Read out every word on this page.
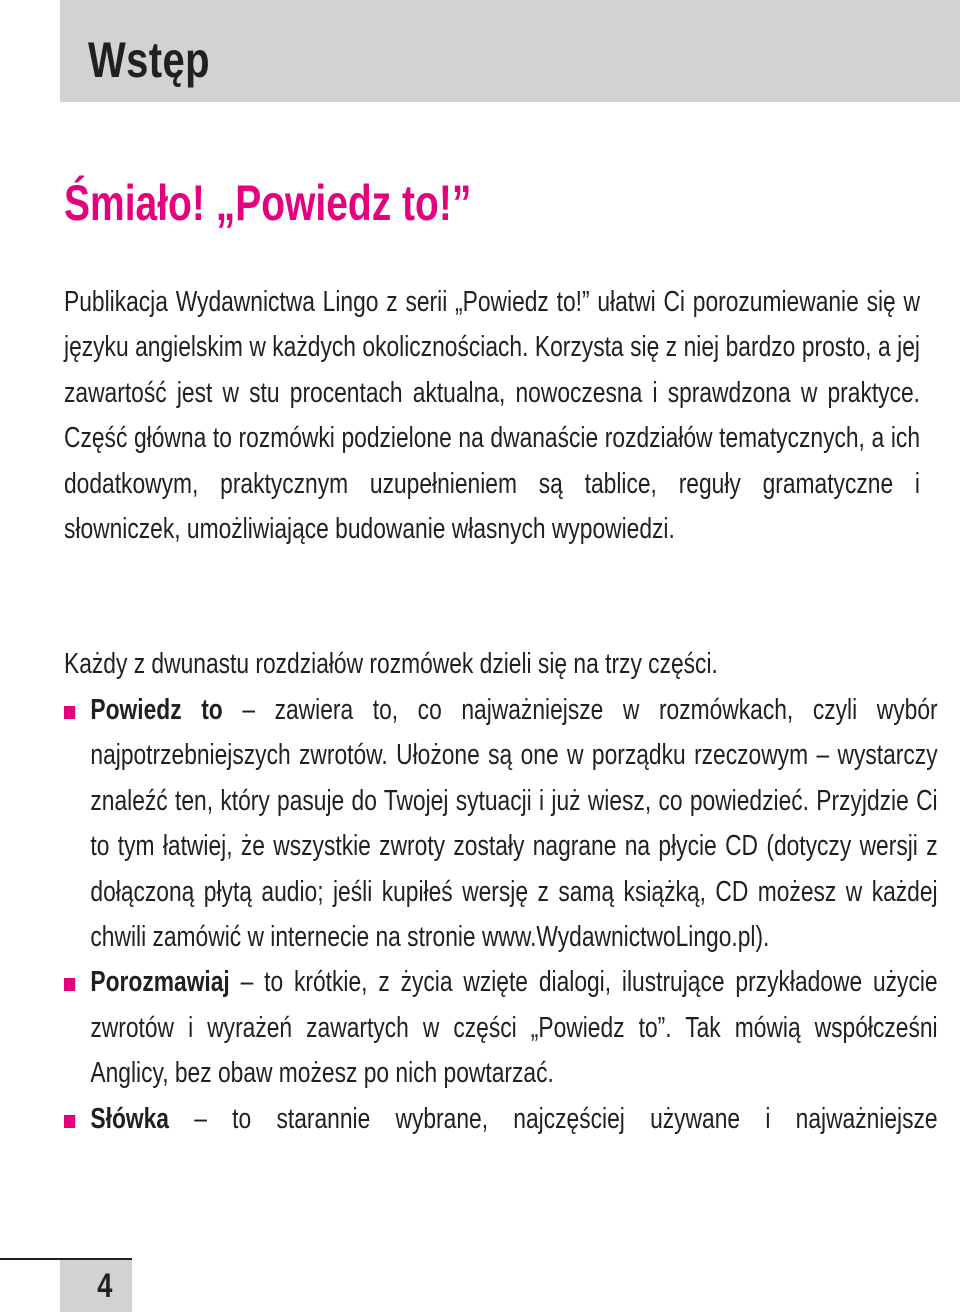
Wstęp
Śmiało! „Powiedz to!”

Publikacja Wydawnictwa Lingo z serii „Powiedz to!” ułatwi Ci porozumiewanie się w języku angielskim w każdych okolicznościach. Korzysta się z niej bardzo prosto, a jej zawartość jest w stu procentach aktualna, nowoczesna i sprawdzona w praktyce. Część główna to rozmówki podzielone na dwanaście rozdziałów tematycznych, a ich dodatkowym, praktycznym uzupełnieniem są tablice, reguły gramatyczne i słowniczek, umożliwiające budowanie własnych wypowiedzi.

Każdy z dwunastu rozdziałów rozmówek dzieli się na trzy części.

Powiedz to – zawiera to, co najważniejsze w rozmówkach, czyli wybór najpotrzebniejszych zwrotów. Ułożone są one w porządku rzeczowym – wystarczy znaleźć ten, który pasuje do Twojej sytuacji i już wiesz, co powiedzieć. Przyjdzie Ci to tym łatwiej, że wszystkie zwroty zostały nagrane na płycie CD (dotyczy wersji z dołączoną płytą audio; jeśli kupiłeś wersję z samą książką, CD możesz w każdej chwili zamówić w internecie na stronie www.WydawnictwoLingo.pl).
Porozmawiaj – to krótkie, z życia wzięte dialogi, ilustrujące przykładowe użycie zwrotów i wyrażeń zawartych w części „Powiedz to”. Tak mówią współcześni Anglicy, bez obaw możesz po nich powtarzać.
Słówka – to starannie wybrane, najczęściej używane i najważniejsze
4
